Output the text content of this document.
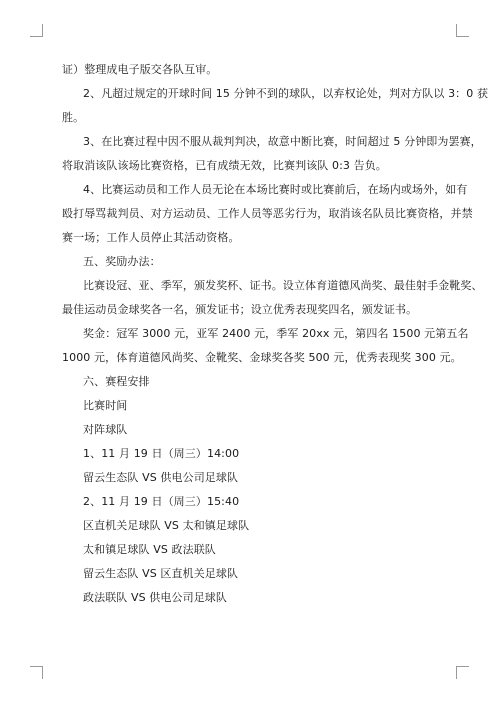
证）整理成电子版交各队互审。

2、凡超过规定的开球时间 15 分钟不到的球队，以弃权论处，判对方队以 3：0 获

胜。

3、在比赛过程中因不服从裁判判决，故意中断比赛，时间超过 5 分钟即为罢赛，

将取消该队该场比赛资格，已有成绩无效，比赛判该队 0:3 告负。

4、比赛运动员和工作人员无论在本场比赛时或比赛前后，在场内或场外，如有

殴打辱骂裁判员、对方运动员、工作人员等恶劣行为，取消该名队员比赛资格，并禁

赛一场；工作人员停止其活动资格。

五、奖励办法：

比赛设冠、亚、季军，颁发奖杯、证书。设立体育道德风尚奖、最佳射手金靴奖、

最佳运动员金球奖各一名，颁发证书；设立优秀表现奖四名，颁发证书。

奖金：冠军 3000 元，亚军 2400 元，季军 20xx 元，第四名 1500 元第五名

1000 元，体育道德风尚奖、金靴奖、金球奖各奖 500 元，优秀表现奖 300 元。

六、赛程安排

比赛时间

对阵球队

1、11 月 19 日（周三）14:00

留云生态队 VS 供电公司足球队

2、11 月 19 日（周三）15:40

区直机关足球队 VS 太和镇足球队

太和镇足球队 VS 政法联队

留云生态队 VS 区直机关足球队

政法联队 VS 供电公司足球队
